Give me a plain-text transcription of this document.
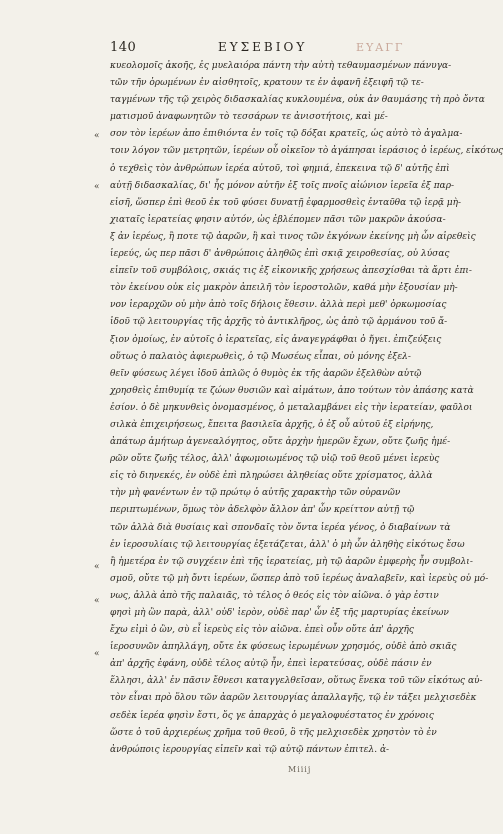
140	ΕΥΣΕΒΙΟΥ	ΕΥΑΓΓ
«
«
«
«
«
κυεολομοῖς ἀκοῆς, ἐς μυελαιόρα πάντη τὴν αὐτὴ τεθαυμασμένων πάνυγα-
τῶν τῆν ὁρωμένων ἐν αἰσθητοῖς, κρατουν τε ἐν ἀφανῆ ἐξειφῆ τῷ τε-
ταγμένων τῆς τῷ χειρὸς διδασκαλίας κυκλουμένα, οὐκ ἀν θαυμάσης τὴ πρὸ ὄντα
ματισμοῦ ἀναφωνητῶν τὸ τεσσάρων τε ἀνισοτήτοις, καὶ μέ-
σον τὸν ἱερέων ἀπο ἐπιθιόντα ἐν τοῖς τῷ δόξαι κρατεῖς, ὡς αὐτὸ τὸ ἀγαλμα-
τοιν λόγον τῶν μετρητῶν, ἱερέων οὗ οἰκεῖον τὸ ἀγάπησαι ἱεράσιος ὁ ἱερέως, εἰκότως
ὁ τεχθεὶς τὸν ἀνθρώπων ἱερέα αὐτοῦ, τοὶ φημιά, ἐπεκεινα τῷ δ' αὐτῆς ἐπὶ
αὐτῇ διδασκαλίας, δι' ἧς μόνον αὐτῆν ἐξ τοῖς πνοῖς αἰώνιον ἱερεῖα ἐξ παρ-
εἰσῆ, ὥσπερ ἐπὶ θεοῦ ἐκ τοῦ φύσει δυνατῇ ἐφαρμοσθεὶς ἐνταῦθα τῷ ἱερᾷ μὴ-
χιαταῖς ἱερατείας φησιν αὐτόν, ὡς ἐβλέπομεν πᾶσι τῶν μακρῶν ἀκούσα-
ξ ἀν ἱερέως, ἢ ποτε τῷ ἀαρῶν, ἢ καὶ τινος τῶν ἐκγόνων ἐκείνης μὴ ὧν αἱρεθεὶς
ἱερεύς, ὡς περ πᾶσι δ' ἀνθρώποις ἀληθῶς ἐπὶ σκιᾷ χειροθεσίας, οὐ λύσας
εἰπεῖν τοῦ συμβόλοις, σκιάς τις ἐξ εἰκονικῆς χρήσεως ἀπεσχίσθαι τὰ ἄρτι ἐπι-
τὸν ἐκείνου οὐκ εἰς μακρὸν ἀπειλῆ τὸν ἱεροστολῶν, καθά μὴν ἐξουσίαν μὴ-
νον ἱεραρχῶν οὐ μὴν ἀπὸ τοῖς δήλοις ἔθεσιν. ἀλλὰ περὶ μεθ' ὁρκωμοσίας
ἰδοῦ τῷ λειτουργίας τῆς ἀρχῆς τὸ ἀντικλῆρος, ὡς ἀπὸ τῷ ἀρμάνου τοῦ ἄ-
ξιον ὁμοίως, ἐν αὐτοῖς ὁ ἱερατεῖας, εἰς ἀναγεγράφθαι ὁ ἤγει. ἐπιζεύξεις
οὕτως ὁ παλαιὸς ἀφιερωθεὶς, ὁ τῷ Μωσέως εἶπαι, οὐ μόνης ἐξελ-
θεῖν φύσεως λέγει ἰδοῦ ἀπλῶς ὁ θυμὸς ἐκ τῆς ἀαρῶν ἐξελθὼν αὐτῷ
χρησθεὶς ἐπιθυμίᾳ τε ζώων θυσιῶν καὶ αἱμάτων, ἀπο τούτων τὸν ἀπάσης κατὰ
ἐσίον. ὁ δὲ μηκυνθεὶς ὀνομασμένος, ὁ μεταλαμβάνει εἰς τὴν ἱερατείαν, φαῦλοι
σιλκὰ ἐπιχειρήσεως, ἔπειτα βασιλεῖα ἀρχῆς, ὁ ἐξ οὗ αὐτοῦ ἐξ εἰρήνης,
ἀπάτωρ ἀμήτωρ ἀγενεαλόγητος, οὔτε ἀρχὴν ἡμερῶν ἔχων, οὔτε ζωῆς ἡμέ-
ρῶν οὔτε ζωῆς τέλος, ἀλλ' ἀφωμοιωμένος τῷ υἱῷ τοῦ θεοῦ μένει ἱερεὺς
εἰς τὸ διηνεκές, ἐν οὐδὲ ἐπὶ πληρώσει ἀληθείας οὔτε χρίσματος, ἀλλὰ
τὴν μὴ φανέντων ἐν τῷ πρώτῳ ὁ αὐτῆς χαρακτὴρ τῶν οὐρανῶν
περιπτωμένων, ὅμως τὸν ἀδελφὸν ἄλλον ἀπ' ὧν κρείττον αὐτῇ τῷ
τῶν ἀλλὰ διὰ θυσίαις καὶ σπονδαῖς τὸν ὄντα ἱερέα γένος, ὁ διαβαίνων τὰ
ἐν ἱεροσυλίαις τῷ λειτουργίας ἐξετάζεται, ἀλλ' ὁ μὴ ὧν ἀληθὴς εἰκότως ἔσω
ἢ ἡμετέρα ἐν τῷ συγχέειν ἐπὶ τῆς ἱερατείας, μὴ τῷ ἀαρῶν ἐμφερὴς ἦν συμβολι-
σμοῦ, οὔτε τῷ μὴ ὄντι ἱερέων, ὥσπερ ἀπὸ τοῦ ἱερέως ἀναλαβεῖν, καὶ ἱερεὺς οὐ μό-
νως, ἀλλὰ ἀπὸ τῆς παλαιᾶς, τὸ τέλος ὁ θεός εἰς τὸν αἰῶνα. ὁ γὰρ ἐστιν
φησὶ μὴ ὢν παρὰ, ἀλλ' οὐδ' ἱερὸν, οὐδὲ παρ' ὧν ἐξ τῆς μαρτυρίας ἐκείνων
ἔχω εἰμὶ ὁ ὢν, σὺ εἶ ἱερεὺς εἰς τὸν αἰῶνα. ἐπεὶ οὖν οὔτε ἀπ' ἀρχῆς
ἱεροσυνῶν ἀπηλλάγη, οὔτε ἐκ φύσεως ἱερωμένων χρησμός, οὐδὲ ἀπὸ σκιᾶς
ἀπ' ἀρχῆς ἐφάνη, οὐδὲ τέλος αὐτῷ ἦν, ἐπεὶ ἱερατεύσας, οὐδὲ πάσιν ἐν
ἕλλησι, ἀλλ' ἐν πᾶσιν ἔθνεσι καταγγελθεῖσαν, οὕτως ἕνεκα τοῦ τῶν εἰκότως αὐ-
τὸν εἶναι πρὸ ὅλου τῶν ἀαρῶν λειτουργίας ἀπαλλαγῆς, τῷ ἐν τάξει μελχισεδὲκ
σεδὲκ ἱερέα φησὶν ἔστι, ὅς γε ἀπαρχὰς ὁ μεγαλοφυέστατος ἐν χρόνοις
ὥστε ὁ τοῦ ἀρχιερέως χρῆμα τοῦ θεοῦ, ὃ τῆς μελχισεδὲκ χρηστὸν τὸ ἐν
ἀνθρώποις ἱερουργίας εἰπεῖν καὶ τῷ αὐτῷ πάντων ἐπιτελ. ἀ-
Miiij
